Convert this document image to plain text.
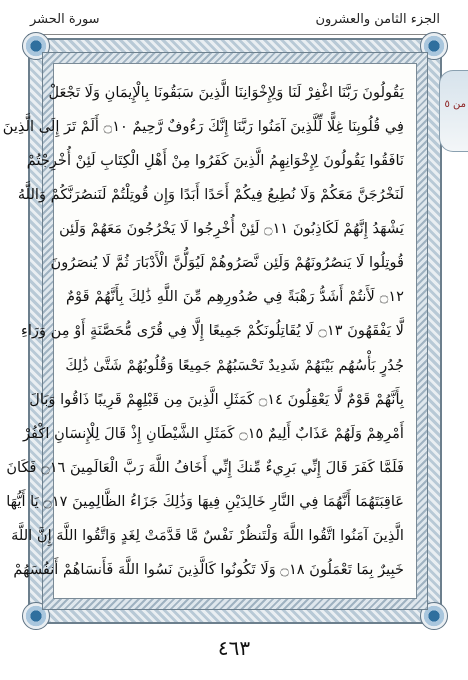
سورة الحشر	الجزء الثامن والعشرون
يَقُولُونَ رَبَّنَا اغْفِرْ لَنَا وَلِإِخْوَانِنَا الَّذِينَ سَبَقُونَا بِالْإِيمَانِ وَلَا تَجْعَلْ
فِي قُلُوبِنَا غِلًّا لِّلَّذِينَ آمَنُوا رَبَّنَا إِنَّكَ رَءُوفٌ رَّحِيمٌ ۝١٠ أَلَمْ تَرَ إِلَى الَّذِينَ
نَافَقُوا يَقُولُونَ لِإِخْوَانِهِمُ الَّذِينَ كَفَرُوا مِنْ أَهْلِ الْكِتَابِ لَئِنْ أُخْرِجْتُمْ
لَنَخْرُجَنَّ مَعَكُمْ وَلَا نُطِيعُ فِيكُمْ أَحَدًا أَبَدًا وَإِن قُوتِلْتُمْ لَنَنصُرَنَّكُمْ وَاللَّهُ
يَشْهَدُ إِنَّهُمْ لَكَاذِبُونَ ۝١١ لَئِنْ أُخْرِجُوا لَا يَخْرُجُونَ مَعَهُمْ وَلَئِن
قُوتِلُوا لَا يَنصُرُونَهُمْ وَلَئِن نَّصَرُوهُمْ لَيُوَلُّنَّ الْأَدْبَارَ ثُمَّ لَا يُنصَرُونَ
۝١٢ لَأَنتُمْ أَشَدُّ رَهْبَةً فِي صُدُورِهِم مِّنَ اللَّهِ ذَٰلِكَ بِأَنَّهُمْ قَوْمٌ
لَّا يَفْقَهُونَ ۝١٣ لَا يُقَاتِلُونَكُمْ جَمِيعًا إِلَّا فِي قُرًى مُّحَصَّنَةٍ أَوْ مِن وَرَاءِ
جُدُرٍ بَأْسُهُم بَيْنَهُمْ شَدِيدٌ تَحْسَبُهُمْ جَمِيعًا وَقُلُوبُهُمْ شَتَّىٰ ذَٰلِكَ
بِأَنَّهُمْ قَوْمٌ لَّا يَعْقِلُونَ ۝١٤ كَمَثَلِ الَّذِينَ مِن قَبْلِهِمْ قَرِيبًا ذَاقُوا وَبَالَ
أَمْرِهِمْ وَلَهُمْ عَذَابٌ أَلِيمٌ ۝١٥ كَمَثَلِ الشَّيْطَانِ إِذْ قَالَ لِلْإِنسَانِ اكْفُرْ
فَلَمَّا كَفَرَ قَالَ إِنِّي بَرِيءٌ مِّنكَ إِنِّي أَخَافُ اللَّهَ رَبَّ الْعَالَمِينَ ۝١٦ فَكَانَ
عَاقِبَتَهُمَا أَنَّهُمَا فِي النَّارِ خَالِدَيْنِ فِيهَا وَذَٰلِكَ جَزَاءُ الظَّالِمِينَ ۝١٧ يَا أَيُّهَا
الَّذِينَ آمَنُوا اتَّقُوا اللَّهَ وَلْتَنظُرْ نَفْسٌ مَّا قَدَّمَتْ لِغَدٍ وَاتَّقُوا اللَّهَ إِنَّ اللَّهَ
خَبِيرٌ بِمَا تَعْمَلُونَ ۝١٨ وَلَا تَكُونُوا كَالَّذِينَ نَسُوا اللَّهَ فَأَنسَاهُمْ أَنفُسَهُمْ
من ٥
٤٦٣
